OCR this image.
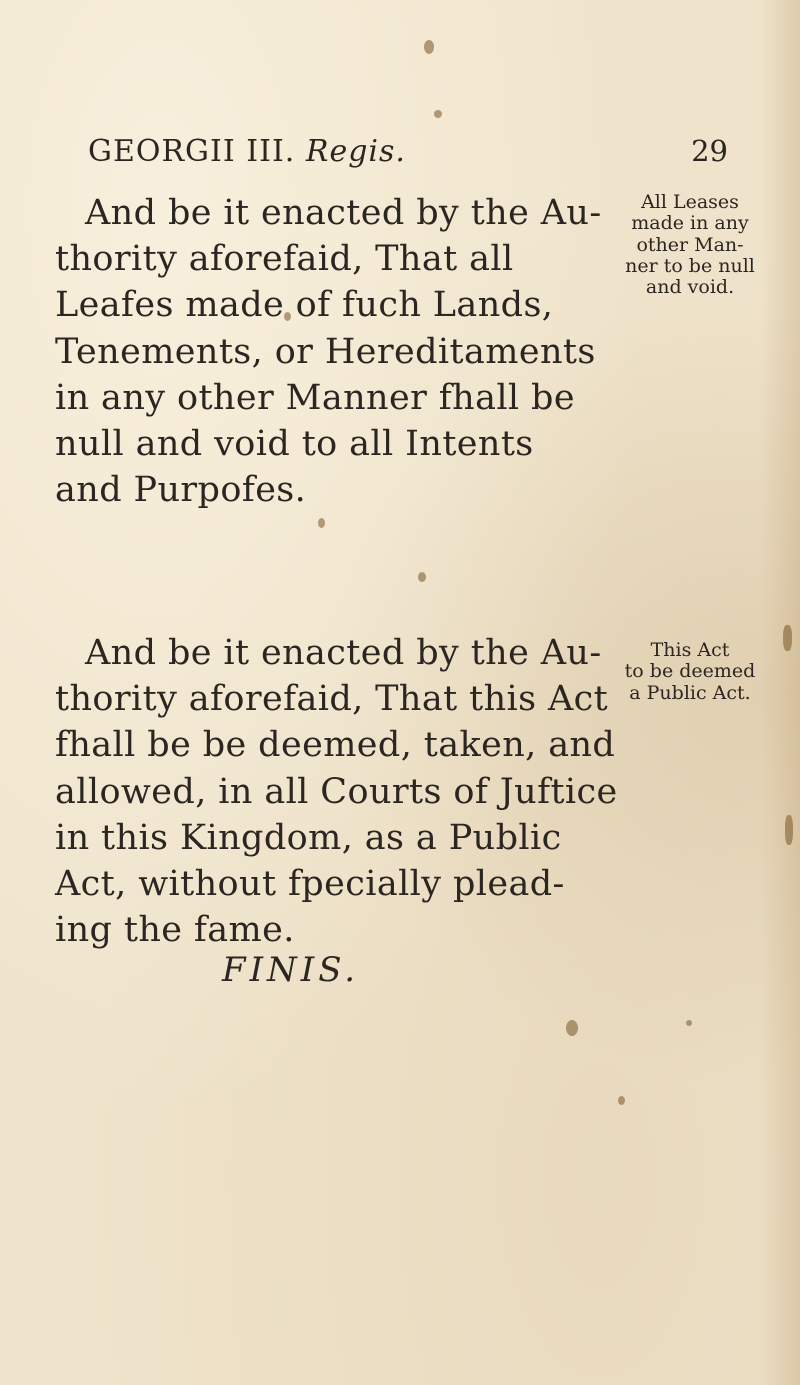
GEORGII III. Regis.	29
And be it enacted by the Au-
thority aforefaid, That all
Leafes made of fuch Lands,
Tenements, or Hereditaments
in any other Manner fhall be
null and void to all Intents
and Purpofes.
All Leases
made in any
other Man-
ner to be null
and void.
And be it enacted by the Au-
thority aforefaid, That this Act
fhall be be deemed, taken, and
allowed, in all Courts of Juftice
in this Kingdom, as a Public
Act, without fpecially plead-
ing the fame.
This Act
to be deemed
a Public Act.
FINIS.
